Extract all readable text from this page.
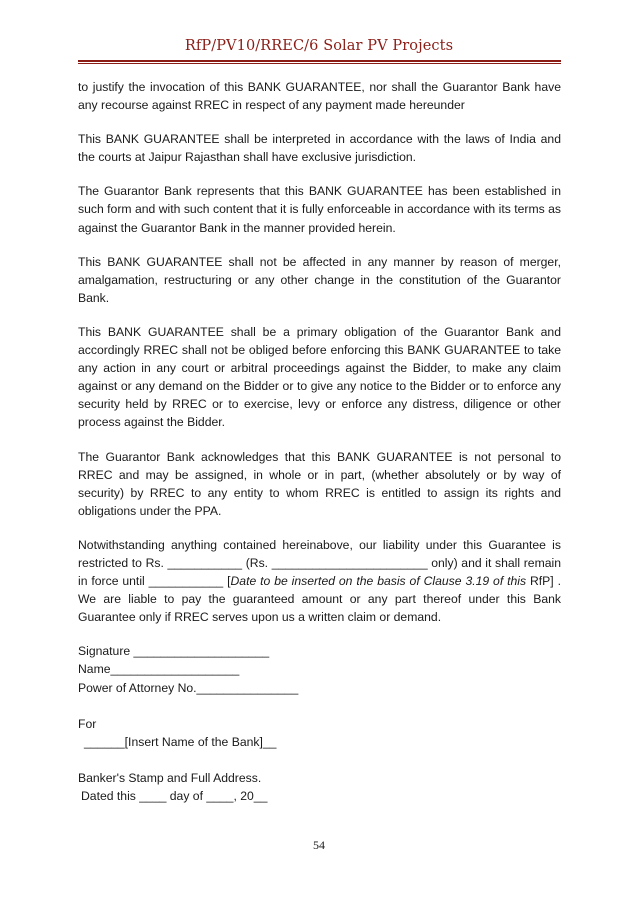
RfP/PV10/RREC/6 Solar PV Projects

to justify the invocation of this BANK GUARANTEE, nor shall the Guarantor Bank have any recourse against RREC in respect of any payment made hereunder

This BANK GUARANTEE shall be interpreted in accordance with the laws of India and the courts at Jaipur Rajasthan shall have exclusive jurisdiction.

The Guarantor Bank represents that this BANK GUARANTEE has been established in such form and with such content that it is fully enforceable in accordance with its terms as against the Guarantor Bank in the manner provided herein.

This BANK GUARANTEE shall not be affected in any manner by reason of merger, amalgamation, restructuring or any other change in the constitution of the Guarantor Bank.

This BANK GUARANTEE shall be a primary obligation of the Guarantor Bank and accordingly RREC shall not be obliged before enforcing this BANK GUARANTEE to take any action in any court or arbitral proceedings against the Bidder, to make any claim against or any demand on the Bidder or to give any notice to the Bidder or to enforce any security held by RREC or to exercise, levy or enforce any distress, diligence or other process against the Bidder.

The Guarantor Bank acknowledges that this BANK GUARANTEE is not personal to RREC and may be assigned, in whole or in part, (whether absolutely or by way of security) by RREC to any entity to whom RREC is entitled to assign its rights and obligations under the PPA.

Notwithstanding anything contained hereinabove, our liability under this Guarantee is restricted to Rs. ___________ (Rs. _______________________ only) and it shall remain in force until ___________ [Date to be inserted on the basis of Clause 3.19 of this RfP] . We are liable to pay the guaranteed amount or any part thereof under this Bank Guarantee only if RREC serves upon us a written claim or demand.

Signature ____________________
Name___________________
Power of Attorney No._______________
For
______[Insert Name of the Bank]__
Banker's Stamp and Full Address.
Dated this ____ day of ____, 20__
54
